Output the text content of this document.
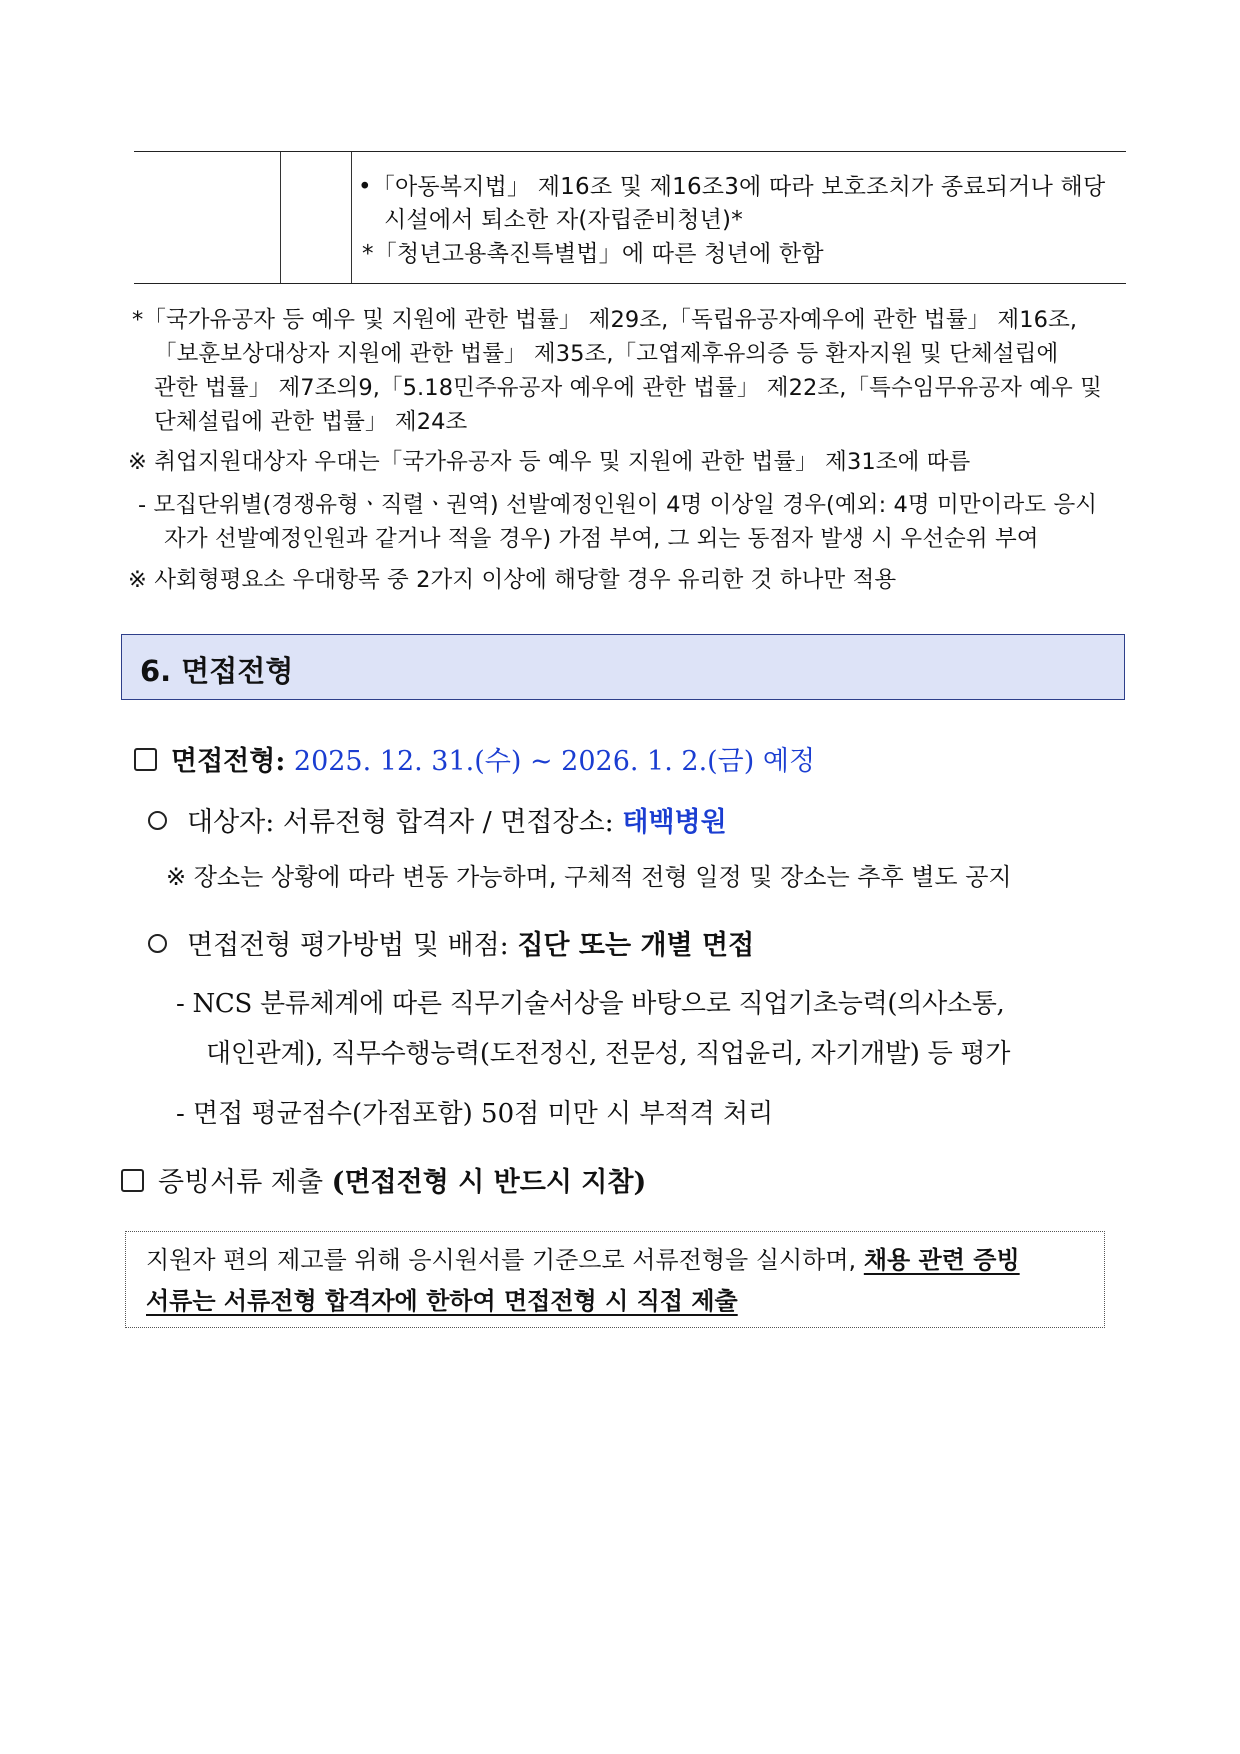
•「아동복지법」 제16조 및 제16조3에 따라 보호조치가 종료되거나 해당
시설에서 퇴소한 자(자립준비청년)*
*「청년고용촉진특별법」에 따른 청년에 한함
*「국가유공자 등 예우 및 지원에 관한 법률」 제29조,「독립유공자예우에 관한 법률」 제16조,
「보훈보상대상자 지원에 관한 법률」 제35조,「고엽제후유의증 등 환자지원 및 단체설립에
관한 법률」 제7조의9,「5.18민주유공자 예우에 관한 법률」 제22조,「특수임무유공자 예우 및
단체설립에 관한 법률」 제24조
※ 취업지원대상자 우대는「국가유공자 등 예우 및 지원에 관한 법률」 제31조에 따름
- 모집단위별(경쟁유형ㆍ직렬ㆍ권역) 선발예정인원이 4명 이상일 경우(예외: 4명 미만이라도 응시
자가 선발예정인원과 같거나 적을 경우) 가점 부여, 그 외는 동점자 발생 시 우선순위 부여
※ 사회형평요소 우대항목 중 2가지 이상에 해당할 경우 유리한 것 하나만 적용
6. 면접전형
면접전형: 2025. 12. 31.(수) ~ 2026. 1. 2.(금) 예정
대상자: 서류전형 합격자 / 면접장소: 태백병원
※ 장소는 상황에 따라 변동 가능하며, 구체적 전형 일정 및 장소는 추후 별도 공지
면접전형 평가방법 및 배점: 집단 또는 개별 면접
- NCS 분류체계에 따른 직무기술서상을 바탕으로 직업기초능력(의사소통,
대인관계), 직무수행능력(도전정신, 전문성, 직업윤리, 자기개발) 등 평가
- 면접 평균점수(가점포함) 50점 미만 시 부적격 처리
증빙서류 제출 (면접전형 시 반드시 지참)
지원자 편의 제고를 위해 응시원서를 기준으로 서류전형을 실시하며, 채용 관련 증빙
서류는 서류전형 합격자에 한하여 면접전형 시 직접 제출
